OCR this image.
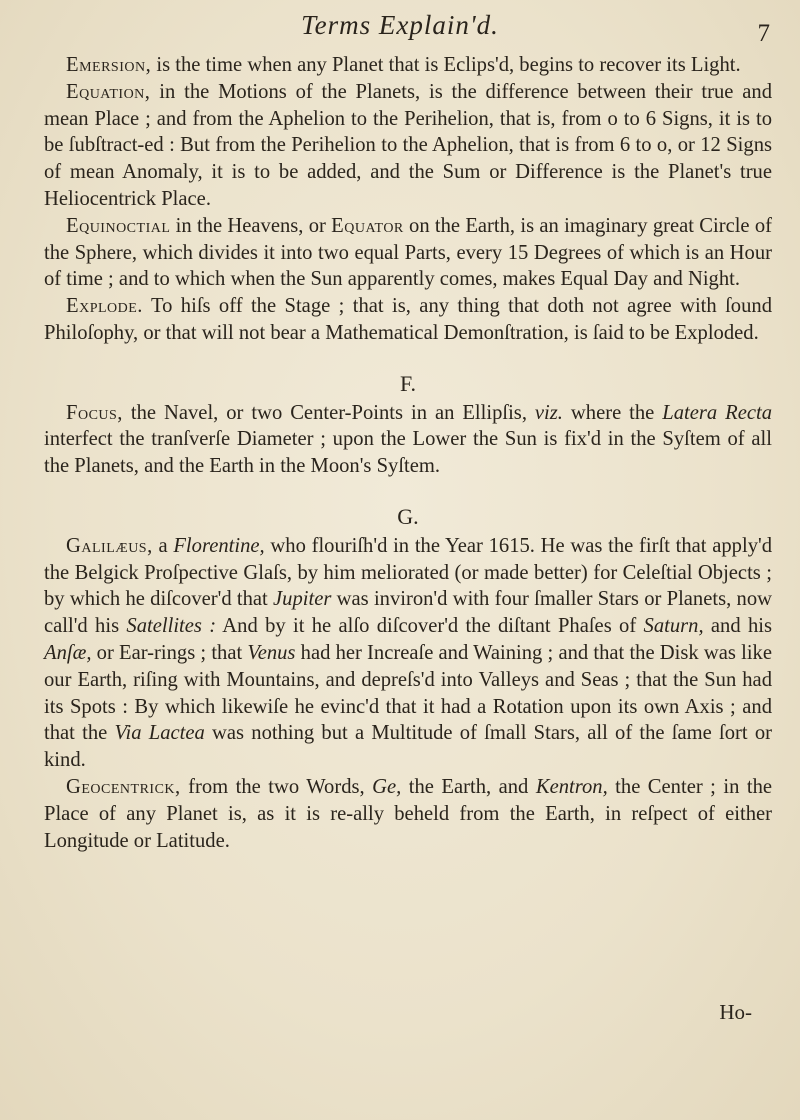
Terms Explain'd.	7

Emersion, is the time when any Planet that is Eclips'd, begins to recover its Light.

Equation, in the Motions of the Planets, is the difference between their true and mean Place ; and from the Aphelion to the Perihelion, that is, from o to 6 Signs, it is to be ſubſtract-ed : But from the Perihelion to the Aphelion, that is from 6 to o, or 12 Signs of mean Anomaly, it is to be added, and the Sum or Difference is the Planet's true Heliocentrick Place.

Equinoctial in the Heavens, or Equator on the Earth, is an imaginary great Circle of the Sphere, which divides it into two equal Parts, every 15 Degrees of which is an Hour of time ; and to which when the Sun apparently comes, makes Equal Day and Night.

Explode. To hiſs off the Stage ; that is, any thing that doth not agree with ſound Philoſophy, or that will not bear a Mathematical Demonſtration, is ſaid to be Exploded.

F.

Focus, the Navel, or two Center-Points in an Ellipſis, viz. where the Latera Recta interfect the tranſverſe Diameter ; upon the Lower the Sun is fix'd in the Syſtem of all the Planets, and the Earth in the Moon's Syſtem.

G.

Galilæus, a Florentine, who flouriſh'd in the Year 1615. He was the firſt that apply'd the Belgick Proſpective Glaſs, by him meliorated (or made better) for Celeſtial Objects ; by which he diſcover'd that Jupiter was inviron'd with four ſmaller Stars or Planets, now call'd his Satellites : And by it he alſo diſcover'd the diſtant Phaſes of Saturn, and his Anſæ, or Ear-rings ; that Venus had her Increaſe and Waining ; and that the Disk was like our Earth, riſing with Mountains, and depreſs'd into Valleys and Seas ; that the Sun had its Spots : By which likewiſe he evinc'd that it had a Rotation upon its own Axis ; and that the Via Lactea was nothing but a Multitude of ſmall Stars, all of the ſame ſort or kind.

Geocentrick, from the two Words, Ge, the Earth, and Kentron, the Center ; in the Place of any Planet is, as it is re-ally beheld from the Earth, in reſpect of either Longitude or Latitude.

Ho-
